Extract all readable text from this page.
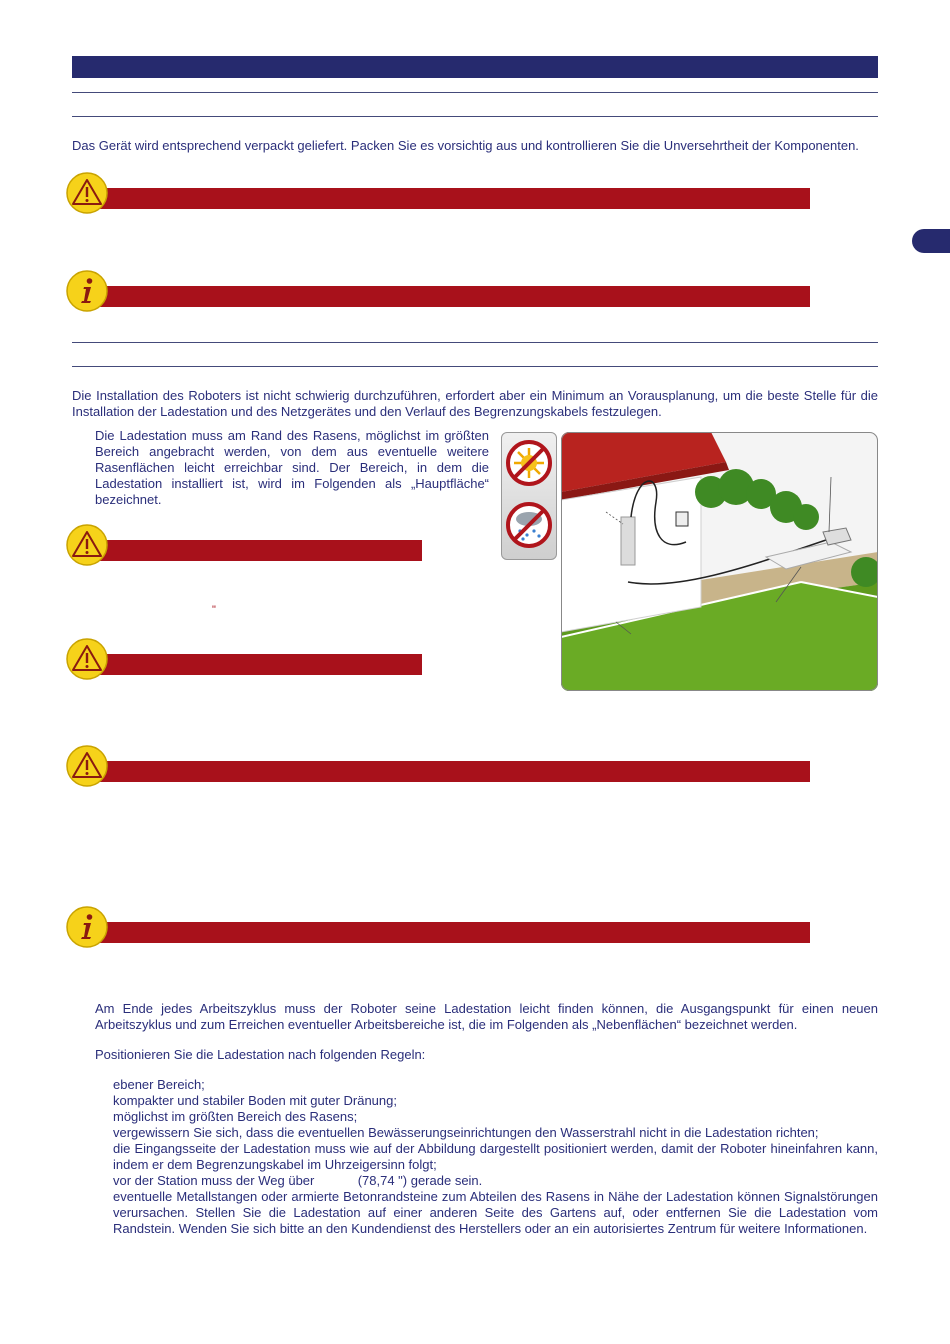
Das Gerät wird entsprechend verpackt geliefert. Packen Sie es vorsichtig aus und kontrollieren Sie die Unversehrtheit der Komponenten.
Die Installation des Roboters ist nicht schwierig durchzuführen, erfordert aber ein Minimum an Vorausplanung, um die beste Stelle für die Installation der Ladestation und des Netzgerätes und den Verlauf des Begrenzungskabels festzulegen.
Die Ladestation muss am Rand des Rasens, möglichst im größten Bereich angebracht werden, von dem aus eventuelle weitere Rasenflächen leicht erreichbar sind. Der Bereich, in dem die Ladestation installiert ist, wird im Folgenden als „Hauptfläche“ bezeichnet.
"
Am Ende jedes Arbeitszyklus muss der Roboter seine Ladestation leicht finden können, die Ausgangspunkt für einen neuen Arbeitszyklus und zum Erreichen eventueller Arbeitsbereiche ist, die im Folgenden als „Nebenflächen“ bezeichnet werden.
Positionieren Sie die Ladestation nach folgenden Regeln:
ebener Bereich;
kompakter und stabiler Boden mit guter Dränung;
möglichst im größten Bereich des Rasens;
vergewissern Sie sich, dass die eventuellen Bewässerungseinrichtungen den Wasserstrahl nicht in die Ladestation richten;
die Eingangsseite der Ladestation muss wie auf der Abbildung dargestellt positioniert werden, damit der Roboter hineinfahren kann, indem er dem Begrenzungskabel im Uhrzeigersinn folgt;
vor der Station muss der Weg über            (78,74 ") gerade sein.
eventuelle Metallstangen oder armierte Betonrandsteine zum Abteilen des Rasens in Nähe der Ladestation können Signalstörungen verursachen. Stellen Sie die Ladestation auf einer anderen Seite des Gartens auf, oder entfernen Sie die Ladestation vom Randstein. Wenden Sie sich bitte an den Kundendienst des Herstellers oder an ein autorisiertes Zentrum für weitere Informationen.
